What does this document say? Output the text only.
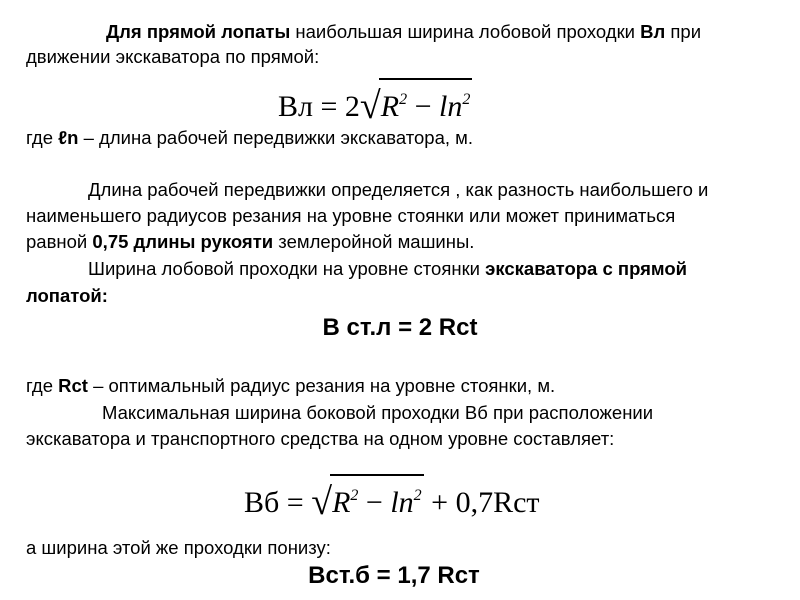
Для прямой лопаты наибольшая ширина лобовой проходки Вл при
движении экскаватора по прямой:
Вл = $2√R^2 - \ln^2$
где ℓn – длина рабочей передвижки экскаватора, м.
Длина рабочей передвижки определяется , как разность наибольшего и
наименьшего радиусов резания на уровне стоянки или может приниматься
равной 0,75 длины рукояти землеройной машины.
Ширина лобовой проходки на уровне стоянки экскаватора с прямой
лопатой:
В ст.л = 2 Rct
где Rct – оптимальный радиус резания на уровне стоянки, м.
Максимальная ширина боковой проходки Вб при расположении
экскаватора и транспортного средства на одном уровне составляет:
Вб = $√R^2 - \ln^2 + 0,7Rст$
а ширина этой же проходки понизу:
Вст.б = 1,7 Rст
